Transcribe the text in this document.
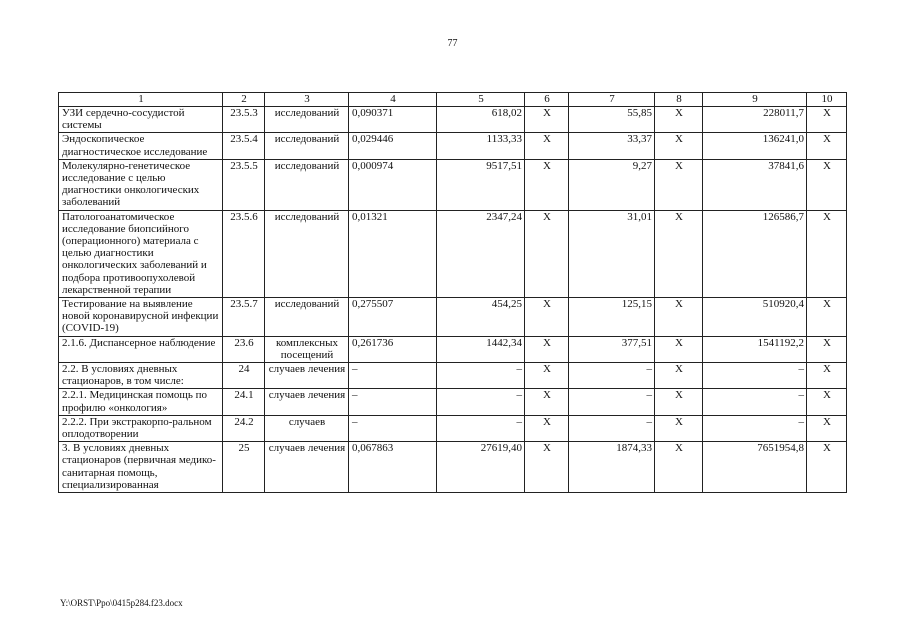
77
1	2	3	4	5	6	7	8	9	10
УЗИ сердечно-сосудистой системы	23.5.3	исследований	0,090371	618,02	X	55,85	X	228011,7	X
Эндоскопическое диагностическое исследование	23.5.4	исследований	0,029446	1133,33	X	33,37	X	136241,0	X
Молекулярно-генетическое исследование с целью диагностики онкологических заболеваний	23.5.5	исследований	0,000974	9517,51	X	9,27	X	37841,6	X
Патологоанатомическое исследование биопсийного (операционного) материала с целью диагностики онкологических заболеваний и подбора противоопухолевой лекарственной терапии	23.5.6	исследований	0,01321	2347,24	X	31,01	X	126586,7	X
Тестирование на выявление новой коронавирусной инфекции (COVID-19)	23.5.7	исследований	0,275507	454,25	X	125,15	X	510920,4	X
2.1.6. Диспансерное наблюдение	23.6	комплексных посещений	0,261736	1442,34	X	377,51	X	1541192,2	X
2.2. В условиях дневных стационаров, в том числе:	24	случаев лечения	–	–	X	–	X	–	X
2.2.1. Медицинская помощь по профилю «онкология»	24.1	случаев лечения	–	–	X	–	X	–	X
2.2.2. При экстракорпо-ральном оплодотворении	24.2	случаев	–	–	X	–	X	–	X
3. В условиях дневных стационаров (первичная медико-санитарная помощь, специализированная	25	случаев лечения	0,067863	27619,40	X	1874,33	X	7651954,8	X
Y:\ORST\Ppo\0415p284.f23.docx
